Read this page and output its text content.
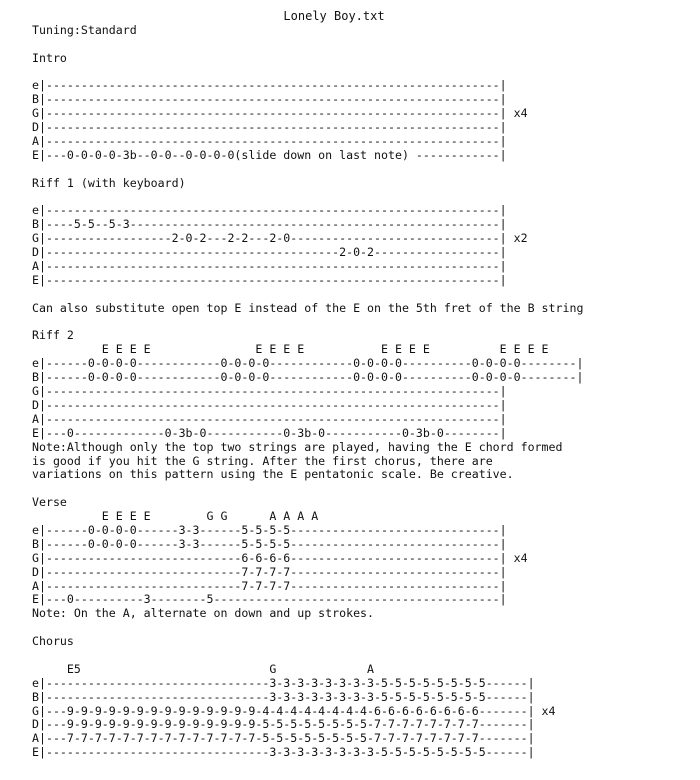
Lonely Boy.txt
Tuning:Standard
Intro
e|-----------------------------------------------------------------|
B|-----------------------------------------------------------------|
G|-----------------------------------------------------------------| x4
D|-----------------------------------------------------------------|
A|-----------------------------------------------------------------|
E|---0-0-0-0-3b--0-0--0-0-0-0(slide down on last note) ------------|
Riff 1 (with keyboard)
e|-----------------------------------------------------------------|
B|----5-5--5-3-----------------------------------------------------|
G|------------------2-0-2---2-2---2-0------------------------------| x2
D|------------------------------------------2-0-2------------------|
A|-----------------------------------------------------------------|
E|-----------------------------------------------------------------|
Can also substitute open top E instead of the E on the 5th fret of the B string
Riff 2
E E E E               E E E E           E E E E          E E E E
e|------0-0-0-0------------0-0-0-0------------0-0-0-0----------0-0-0-0--------|
B|------0-0-0-0------------0-0-0-0------------0-0-0-0----------0-0-0-0--------|
G|-----------------------------------------------------------------|
D|-----------------------------------------------------------------|
A|-----------------------------------------------------------------|
E|---0-------------0-3b-0-----------0-3b-0-----------0-3b-0--------|
Note:Although only the top two strings are played, having the E chord formed
is good if you hit the G string. After the first chorus, there are
variations on this pattern using the E pentatonic scale. Be creative.
Verse
E E E E        G G      A A A A
e|------0-0-0-0------3-3------5-5-5-5------------------------------|
B|------0-0-0-0------3-3------5-5-5-5------------------------------|
G|----------------------------6-6-6-6------------------------------| x4
D|----------------------------7-7-7-7------------------------------|
A|----------------------------7-7-7-7------------------------------|
E|---0----------3--------5-----------------------------------------|
Note: On the A, alternate on down and up strokes.
Chorus
E5                           G             A
e|--------------------------------3-3-3-3-3-3-3-3-5-5-5-5-5-5-5-5------|
B|--------------------------------3-3-3-3-3-3-3-3-5-5-5-5-5-5-5-5------|
G|---9-9-9-9-9-9-9-9-9-9-9-9-9-9-4-4-4-4-4-4-4-4-6-6-6-6-6-6-6-6-------| x4
D|---9-9-9-9-9-9-9-9-9-9-9-9-9-9-5-5-5-5-5-5-5-5-7-7-7-7-7-7-7-7-------|
A|---7-7-7-7-7-7-7-7-7-7-7-7-7-7-5-5-5-5-5-5-5-5-7-7-7-7-7-7-7-7-------|
E|--------------------------------3-3-3-3-3-3-3-3-5-5-5-5-5-5-5-5------|
